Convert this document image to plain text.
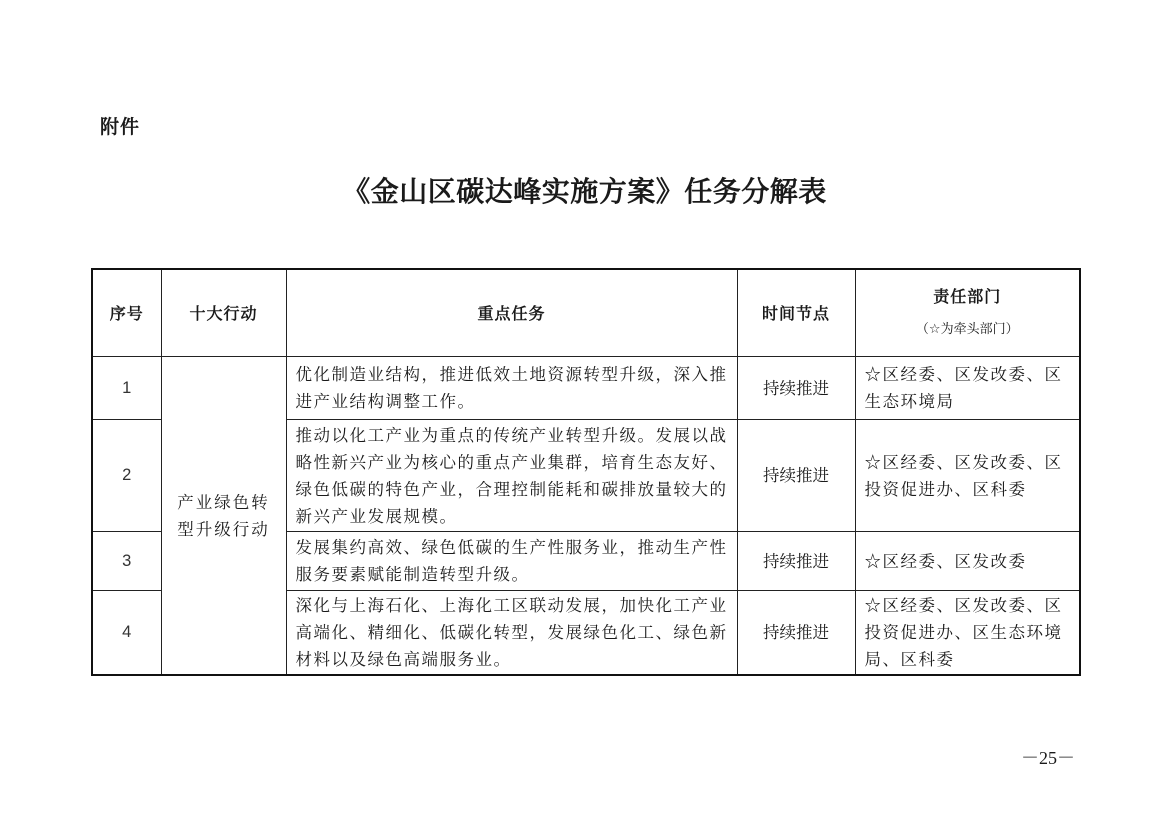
附件
《金山区碳达峰实施方案》任务分解表
序号	十大行动	重点任务	时间节点	责任部门
（☆为牵头部门）

1	产业绿色转型升级行动	优化制造业结构，推进低效土地资源转型升级，深入推进产业结构调整工作。	持续推进	☆区经委、区发改委、区生态环境局
2		推动以化工产业为重点的传统产业转型升级。发展以战略性新兴产业为核心的重点产业集群，培育生态友好、绿色低碳的特色产业，合理控制能耗和碳排放量较大的新兴产业发展规模。	持续推进	☆区经委、区发改委、区投资促进办、区科委
3		发展集约高效、绿色低碳的生产性服务业，推动生产性服务要素赋能制造转型升级。	持续推进	☆区经委、区发改委
4		深化与上海石化、上海化工区联动发展，加快化工产业高端化、精细化、低碳化转型，发展绿色化工、绿色新材料以及绿色高端服务业。	持续推进	☆区经委、区发改委、区投资促进办、区生态环境局、区科委
－25－
